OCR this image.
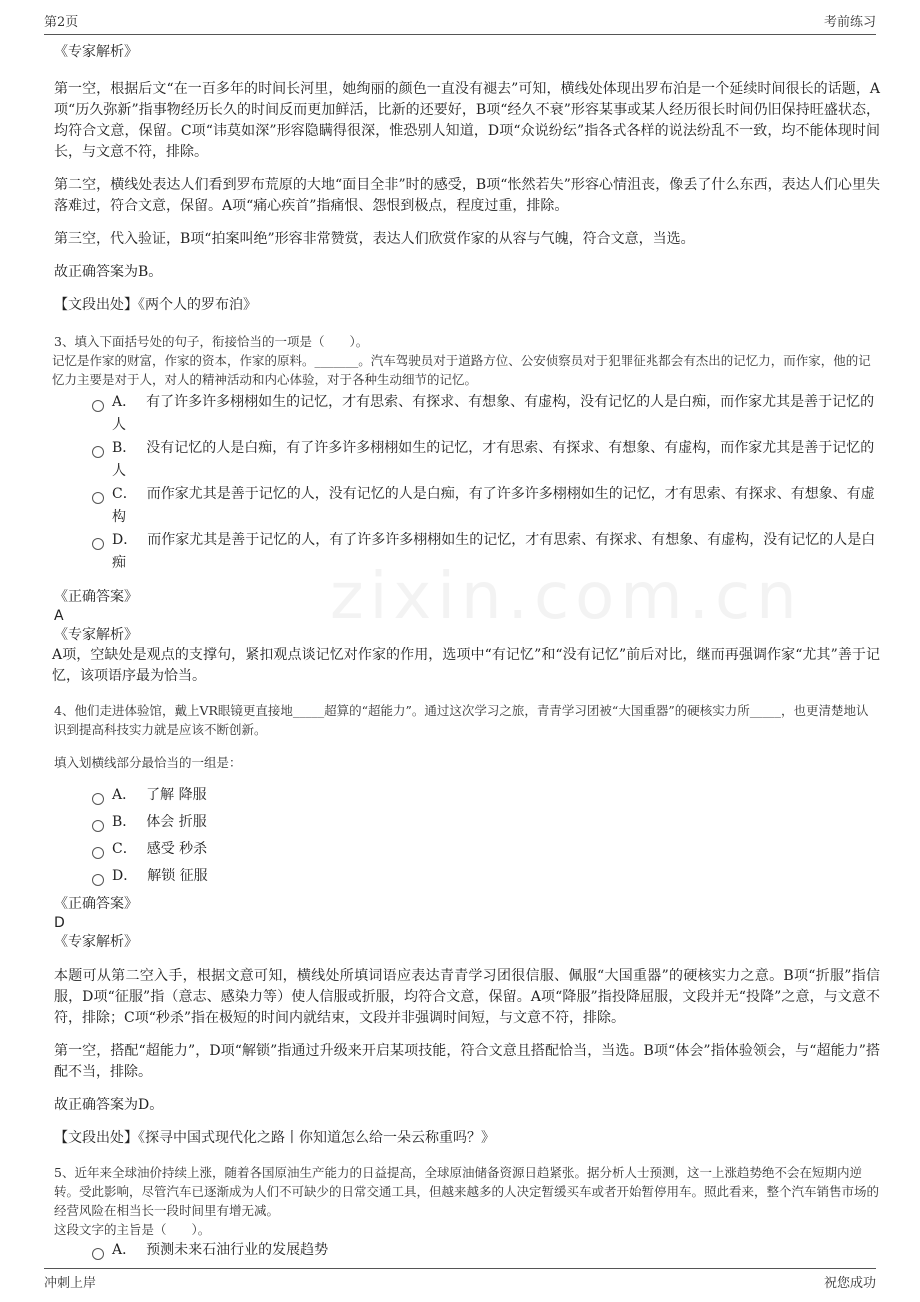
第2页	考前练习
zixin.com.cn

《专家解析》

第一空，根据后文“在一百多年的时间长河里，她绚丽的颜色一直没有褪去”可知，横线处体现出罗布泊是一个延续时间很长的话题，A项“历久弥新”指事物经历长久的时间反而更加鲜活，比新的还要好，B项“经久不衰”形容某事或某人经历很长时间仍旧保持旺盛状态，均符合文意，保留。C项“讳莫如深”形容隐瞒得很深，惟恐别人知道，D项“众说纷纭”指各式各样的说法纷乱不一致，均不能体现时间长，与文意不符，排除。

第二空，横线处表达人们看到罗布荒原的大地“面目全非”时的感受，B项“怅然若失”形容心情沮丧，像丢了什么东西，表达人们心里失落难过，符合文意，保留。A项“痛心疾首”指痛恨、怨恨到极点，程度过重，排除。

第三空，代入验证，B项“拍案叫绝”形容非常赞赏，表达人们欣赏作家的从容与气魄，符合文意，当选。

故正确答案为B。

【文段出处】《两个人的罗布泊》

3、填入下面括号处的句子，衔接恰当的一项是（　　）。

记忆是作家的财富，作家的资本，作家的原料。_______。汽车驾驶员对于道路方位、公安侦察员对于犯罪征兆都会有杰出的记忆力，而作家，他的记忆力主要是对于人，对人的精神活动和内心体验，对于各种生动细节的记忆。

A． 有了许多许多栩栩如生的记忆，才有思索、有探求、有想象、有虚构，没有记忆的人是白痴，而作家尤其是善于记忆的人
B． 没有记忆的人是白痴，有了许多许多栩栩如生的记忆，才有思索、有探求、有想象、有虚构，而作家尤其是善于记忆的人
C． 而作家尤其是善于记忆的人，没有记忆的人是白痴，有了许多许多栩栩如生的记忆，才有思索、有探求、有想象、有虚构
D． 而作家尤其是善于记忆的人，有了许多许多栩栩如生的记忆，才有思索、有探求、有想象、有虚构，没有记忆的人是白痴

《正确答案》

A

《专家解析》

A项，空缺处是观点的支撑句，紧扣观点谈记忆对作家的作用，选项中“有记忆”和“没有记忆”前后对比，继而再强调作家“尤其”善于记忆，该项语序最为恰当。

4、他们走进体验馆，戴上VR眼镜更直接地_____超算的“超能力”。通过这次学习之旅，青青学习团被“大国重器”的硬核实力所_____，也更清楚地认识到提高科技实力就是应该不断创新。

填入划横线部分最恰当的一组是：

A． 了解 降服
B． 体会 折服
C． 感受 秒杀
D． 解锁 征服

《正确答案》

D

《专家解析》

本题可从第二空入手，根据文意可知，横线处所填词语应表达青青学习团很信服、佩服“大国重器”的硬核实力之意。B项“折服”指信服，D项“征服”指（意志、感染力等）使人信服或折服，均符合文意，保留。A项“降服”指投降屈服，文段并无“投降”之意，与文意不符，排除；C项“秒杀”指在极短的时间内就结束，文段并非强调时间短，与文意不符，排除。

第一空，搭配“超能力”，D项“解锁”指通过升级来开启某项技能，符合文意且搭配恰当，当选。B项“体会”指体验领会，与“超能力”搭配不当，排除。

故正确答案为D。

【文段出处】《探寻中国式现代化之路丨你知道怎么给一朵云称重吗？》

5、近年来全球油价持续上涨，随着各国原油生产能力的日益提高，全球原油储备资源日趋紧张。据分析人士预测，这一上涨趋势绝不会在短期内逆转。受此影响，尽管汽车已逐渐成为人们不可缺少的日常交通工具，但越来越多的人决定暂缓买车或者开始暂停用车。照此看来，整个汽车销售市场的经营风险在相当长一段时间里有增无减。

这段文字的主旨是（　　）。

A． 预测未来石油行业的发展趋势
冲刺上岸	祝您成功
